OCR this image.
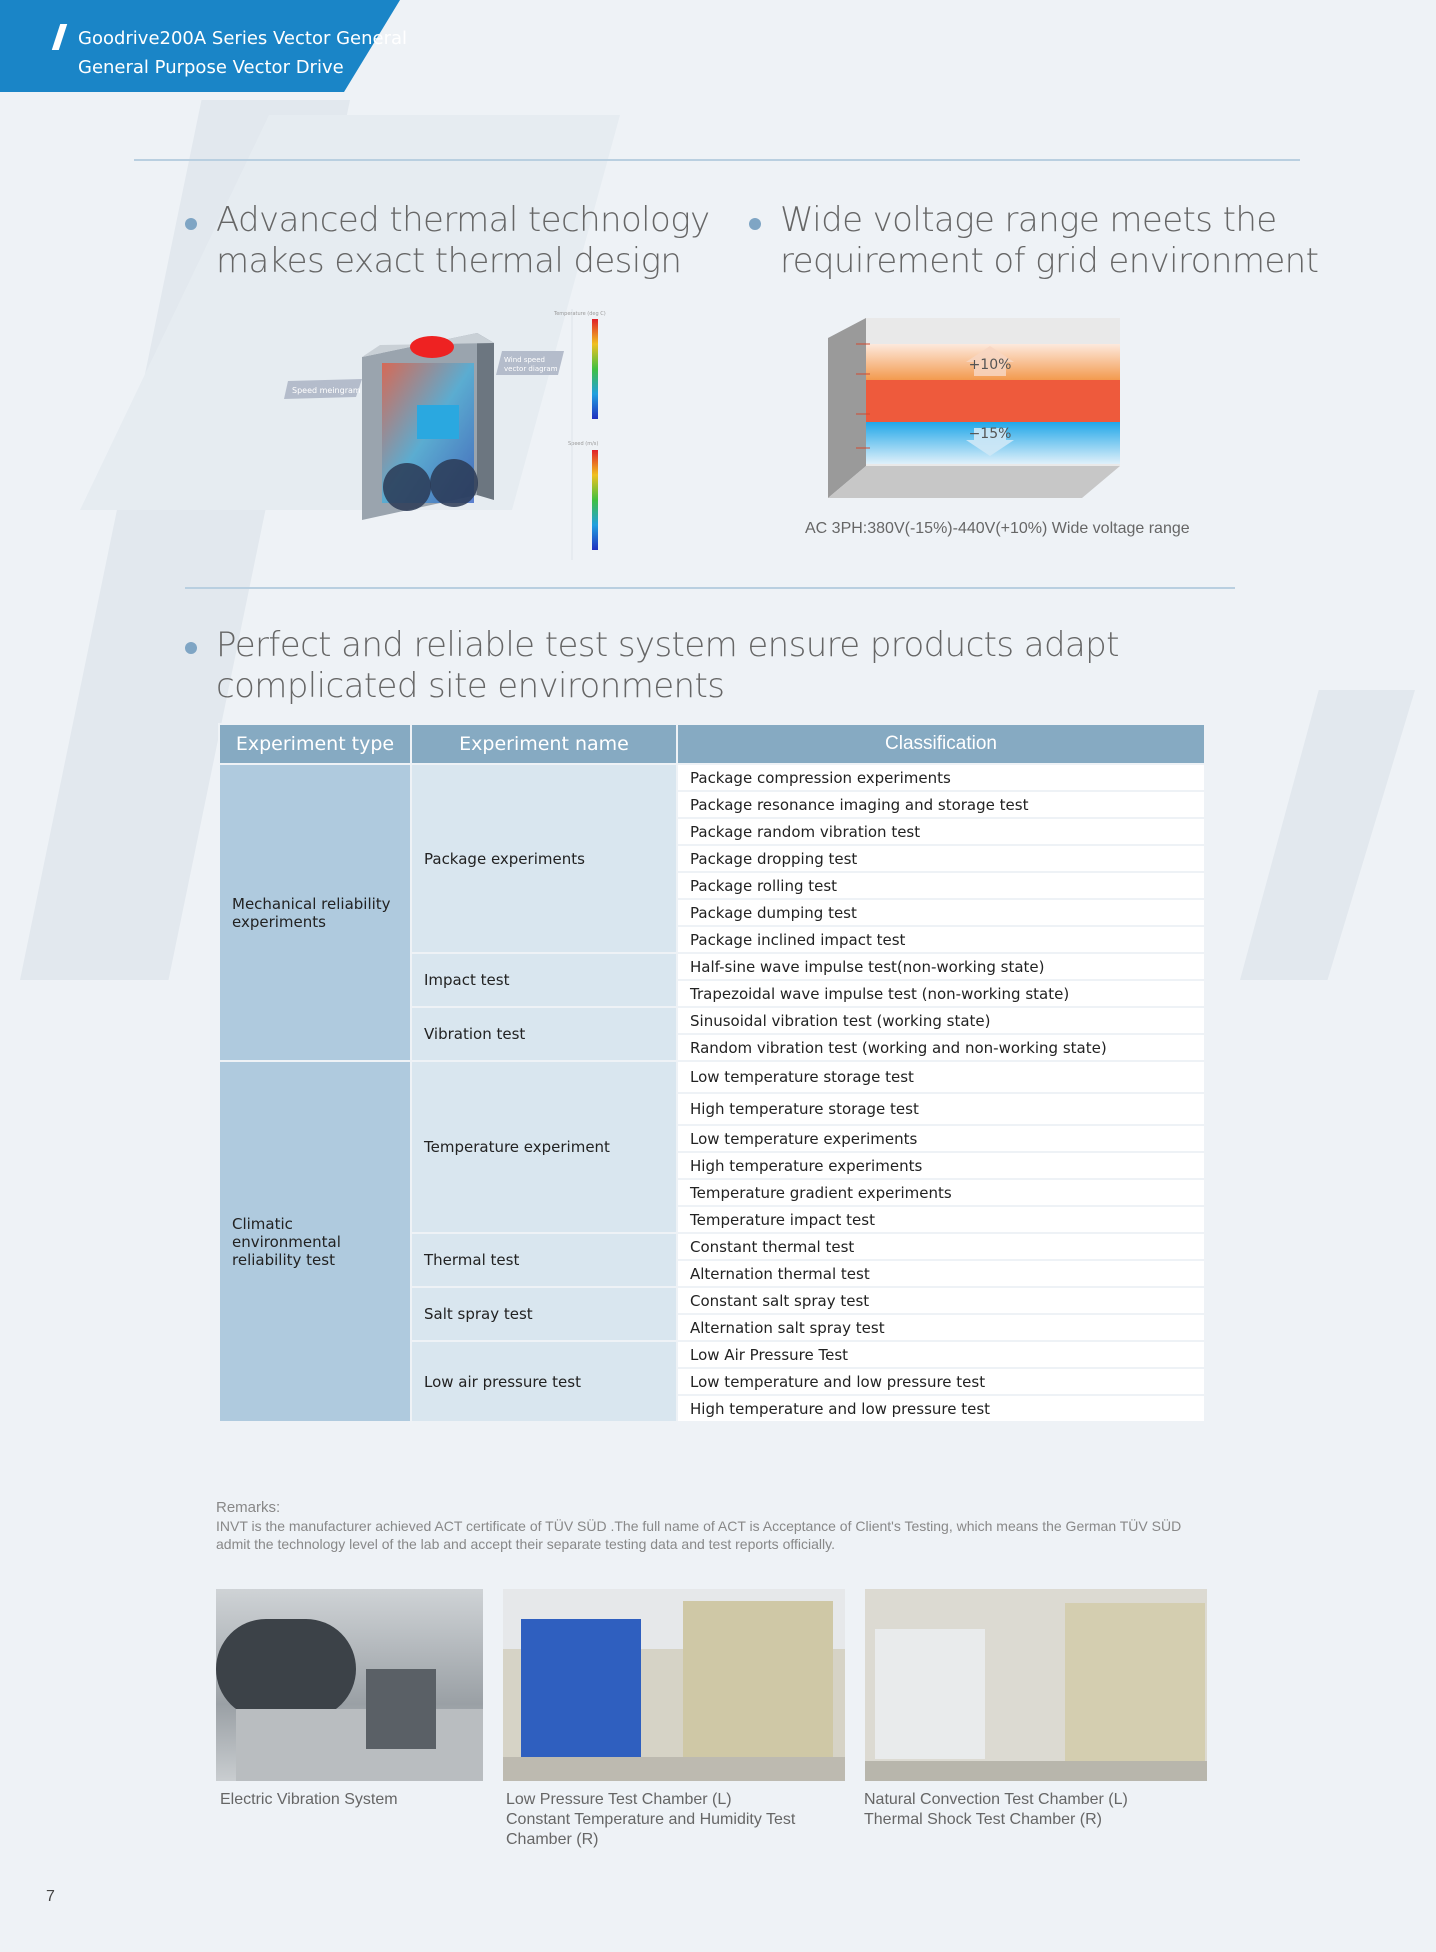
Goodrive200A Series Vector General
General Purpose Vector Drive
Advanced thermal technology
makes exact thermal design
Speed meingram
Wind speed
vector diagram
Temperature (deg C)
Speed (m/s)
Wide voltage range meets the
requirement of grid environment
+10%
−15%
AC 3PH:380V(-15%)-440V(+10%) Wide voltage range
Perfect and reliable test system ensure products adapt
complicated site environments
Experiment type	Experiment name	Classification
Mechanical reliability experiments	Package experiments	Package compression experiments
		Package resonance imaging and storage test
		Package random vibration test
		Package dropping test
		Package rolling test
		Package dumping test
		Package inclined impact test
	Impact test	Half-sine wave impulse test(non-working state)
		Trapezoidal wave impulse test (non-working state)
	Vibration test	Sinusoidal vibration test (working state)
		Random vibration test (working and non-working state)
Climatic environmental reliability test	Temperature experiment	Low temperature storage test
		High temperature storage test
		Low temperature experiments
		High temperature experiments
		Temperature gradient experiments
		Temperature impact test
	Thermal test	Constant thermal test
		Alternation thermal test
	Salt spray test	Constant salt spray test
		Alternation salt spray test
	Low air pressure test	Low Air Pressure Test
		Low temperature and low pressure test
		High temperature and low pressure test
Remarks:
INVT is the manufacturer achieved ACT certificate of TÜV SÜD .The full name of ACT is Acceptance of Client's Testing, which means the German TÜV SÜD
admit the technology level of the lab and accept their separate testing data and test reports officially.
Electric Vibration System	Low Pressure Test Chamber (L)
Constant Temperature and Humidity Test
Chamber (R)
Natural Convection Test Chamber (L)
Thermal Shock Test Chamber (R)
7
